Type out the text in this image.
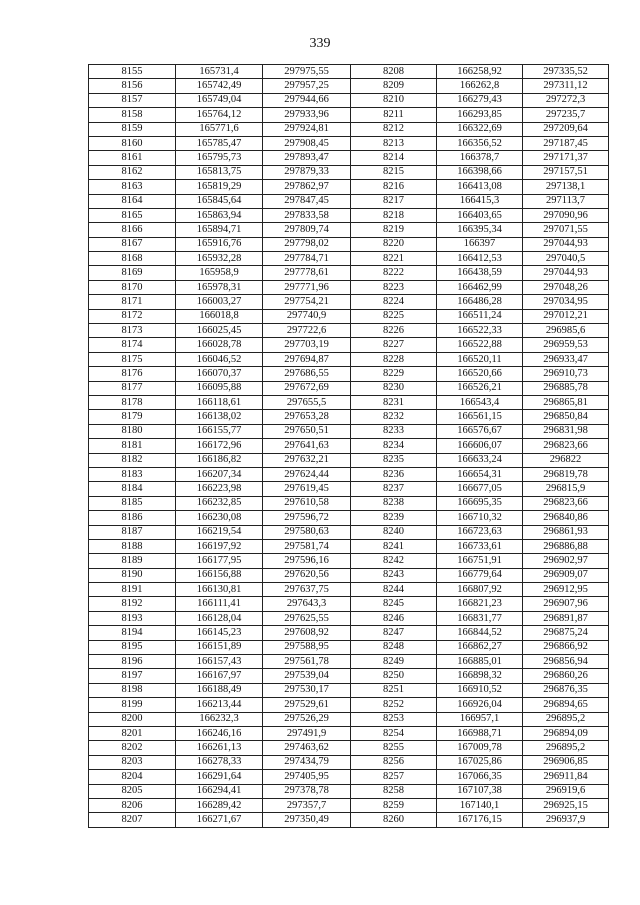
339
8155	165731,4	297975,55	8208	166258,92	297335,52
8156	165742,49	297957,25	8209	166262,8	297311,12
8157	165749,04	297944,66	8210	166279,43	297272,3
8158	165764,12	297933,96	8211	166293,85	297235,7
8159	165771,6	297924,81	8212	166322,69	297209,64
8160	165785,47	297908,45	8213	166356,52	297187,45
8161	165795,73	297893,47	8214	166378,7	297171,37
8162	165813,75	297879,33	8215	166398,66	297157,51
8163	165819,29	297862,97	8216	166413,08	297138,1
8164	165845,64	297847,45	8217	166415,3	297113,7
8165	165863,94	297833,58	8218	166403,65	297090,96
8166	165894,71	297809,74	8219	166395,34	297071,55
8167	165916,76	297798,02	8220	166397	297044,93
8168	165932,28	297784,71	8221	166412,53	297040,5
8169	165958,9	297778,61	8222	166438,59	297044,93
8170	165978,31	297771,96	8223	166462,99	297048,26
8171	166003,27	297754,21	8224	166486,28	297034,95
8172	166018,8	297740,9	8225	166511,24	297012,21
8173	166025,45	297722,6	8226	166522,33	296985,6
8174	166028,78	297703,19	8227	166522,88	296959,53
8175	166046,52	297694,87	8228	166520,11	296933,47
8176	166070,37	297686,55	8229	166520,66	296910,73
8177	166095,88	297672,69	8230	166526,21	296885,78
8178	166118,61	297655,5	8231	166543,4	296865,81
8179	166138,02	297653,28	8232	166561,15	296850,84
8180	166155,77	297650,51	8233	166576,67	296831,98
8181	166172,96	297641,63	8234	166606,07	296823,66
8182	166186,82	297632,21	8235	166633,24	296822
8183	166207,34	297624,44	8236	166654,31	296819,78
8184	166223,98	297619,45	8237	166677,05	296815,9
8185	166232,85	297610,58	8238	166695,35	296823,66
8186	166230,08	297596,72	8239	166710,32	296840,86
8187	166219,54	297580,63	8240	166723,63	296861,93
8188	166197,92	297581,74	8241	166733,61	296886,88
8189	166177,95	297596,16	8242	166751,91	296902,97
8190	166156,88	297620,56	8243	166779,64	296909,07
8191	166130,81	297637,75	8244	166807,92	296912,95
8192	166111,41	297643,3	8245	166821,23	296907,96
8193	166128,04	297625,55	8246	166831,77	296891,87
8194	166145,23	297608,92	8247	166844,52	296875,24
8195	166151,89	297588,95	8248	166862,27	296866,92
8196	166157,43	297561,78	8249	166885,01	296856,94
8197	166167,97	297539,04	8250	166898,32	296860,26
8198	166188,49	297530,17	8251	166910,52	296876,35
8199	166213,44	297529,61	8252	166926,04	296894,65
8200	166232,3	297526,29	8253	166957,1	296895,2
8201	166246,16	297491,9	8254	166988,71	296894,09
8202	166261,13	297463,62	8255	167009,78	296895,2
8203	166278,33	297434,79	8256	167025,86	296906,85
8204	166291,64	297405,95	8257	167066,35	296911,84
8205	166294,41	297378,78	8258	167107,38	296919,6
8206	166289,42	297357,7	8259	167140,1	296925,15
8207	166271,67	297350,49	8260	167176,15	296937,9
